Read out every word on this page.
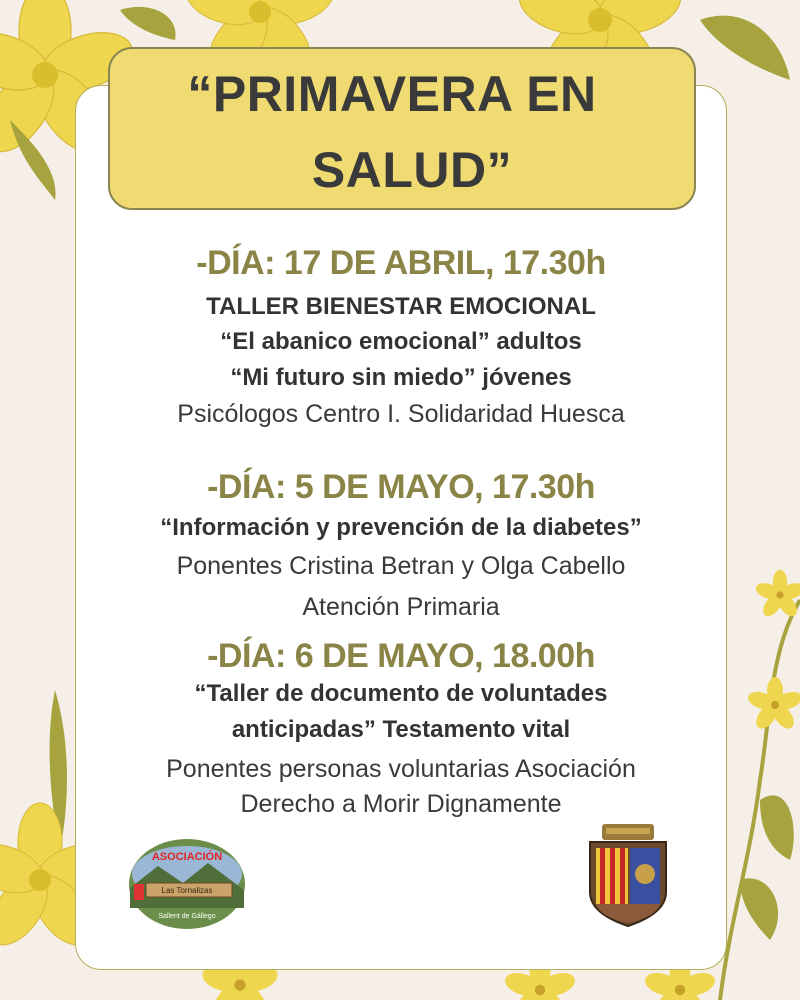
“PRIMAVERA EN
SALUD”
-DÍA: 17 DE ABRIL, 17.30h
TALLER BIENESTAR EMOCIONAL
“El abanico emocional” adultos
“Mi futuro sin miedo” jóvenes
Psicólogos Centro I. Solidaridad Huesca
-DÍA: 5 DE MAYO, 17.30h
“Información y prevención de la diabetes”
Ponentes Cristina Betran y Olga Cabello
Atención Primaria
-DÍA: 6 DE MAYO, 18.00h
“Taller de documento de voluntades
anticipadas” Testamento vital
Ponentes personas voluntarias Asociación
Derecho a Morir Dignamente
ASOCIACIÓN
Las Tornalizas
Sallent de Gállego
